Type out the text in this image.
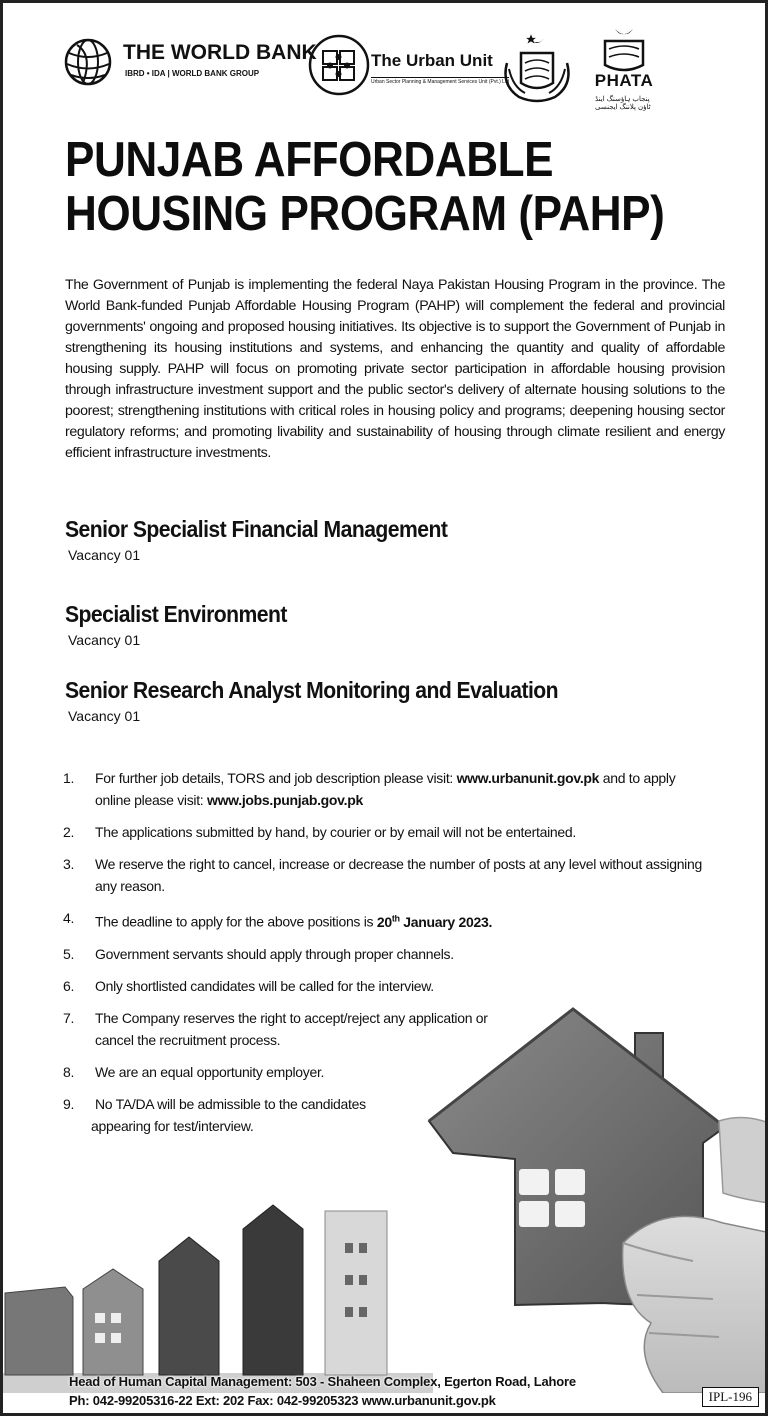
THE WORLD BANK
IBRD • IDA | WORLD BANK GROUP
The Urban Unit
Urban Sector Planning & Management Services Unit (Pvt.) Ltd	PHATA
پنجاب ہاؤسنگ اینڈ ٹاؤن پلاننگ ایجنسی
PUNJAB AFFORDABLE
HOUSING PROGRAM (PAHP)
The Government of Punjab is implementing the federal Naya Pakistan Housing Program in the province. The World Bank-funded Punjab Affordable Housing Program (PAHP) will complement the federal and provincial governments' ongoing and proposed housing initiatives. Its objective is to support the Government of Punjab in strengthening its housing institutions and systems, and enhancing the quantity and quality of affordable housing supply. PAHP will focus on promoting private sector participation in affordable housing provision through infrastructure investment support and the public sector's delivery of alternate housing solutions to the poorest; strengthening institutions with critical roles in housing policy and programs; deepening housing sector regulatory reforms; and promoting livability and sustainability of housing through climate resilient and energy efficient infrastructure investments.
Senior Specialist Financial Management
Vacancy 01
Specialist Environment
Vacancy 01
Senior Research Analyst Monitoring and Evaluation
Vacancy 01
1. For further job details, TORS and job description please visit: www.urbanunit.gov.pk and to apply online please visit: www.jobs.punjab.gov.pk
2. The applications submitted by hand, by courier or by email will not be entertained.
3. We reserve the right to cancel, increase or decrease the number of posts at any level without assigning any reason.
4. The deadline to apply for the above positions is 20th January 2023.
5. Government servants should apply through proper channels.
6. Only shortlisted candidates will be called for the interview.
7. The Company reserves the right to accept/reject any application or
cancel the recruitment process.
8. We are an equal opportunity employer.
9. No TA/DA will be admissible to the candidates
appearing for test/interview.
Head of Human Capital Management: 503 - Shaheen Complex, Egerton Road, Lahore
Ph: 042-99205316-22 Ext: 202 Fax: 042-99205323 www.urbanunit.gov.pk	IPL-196
